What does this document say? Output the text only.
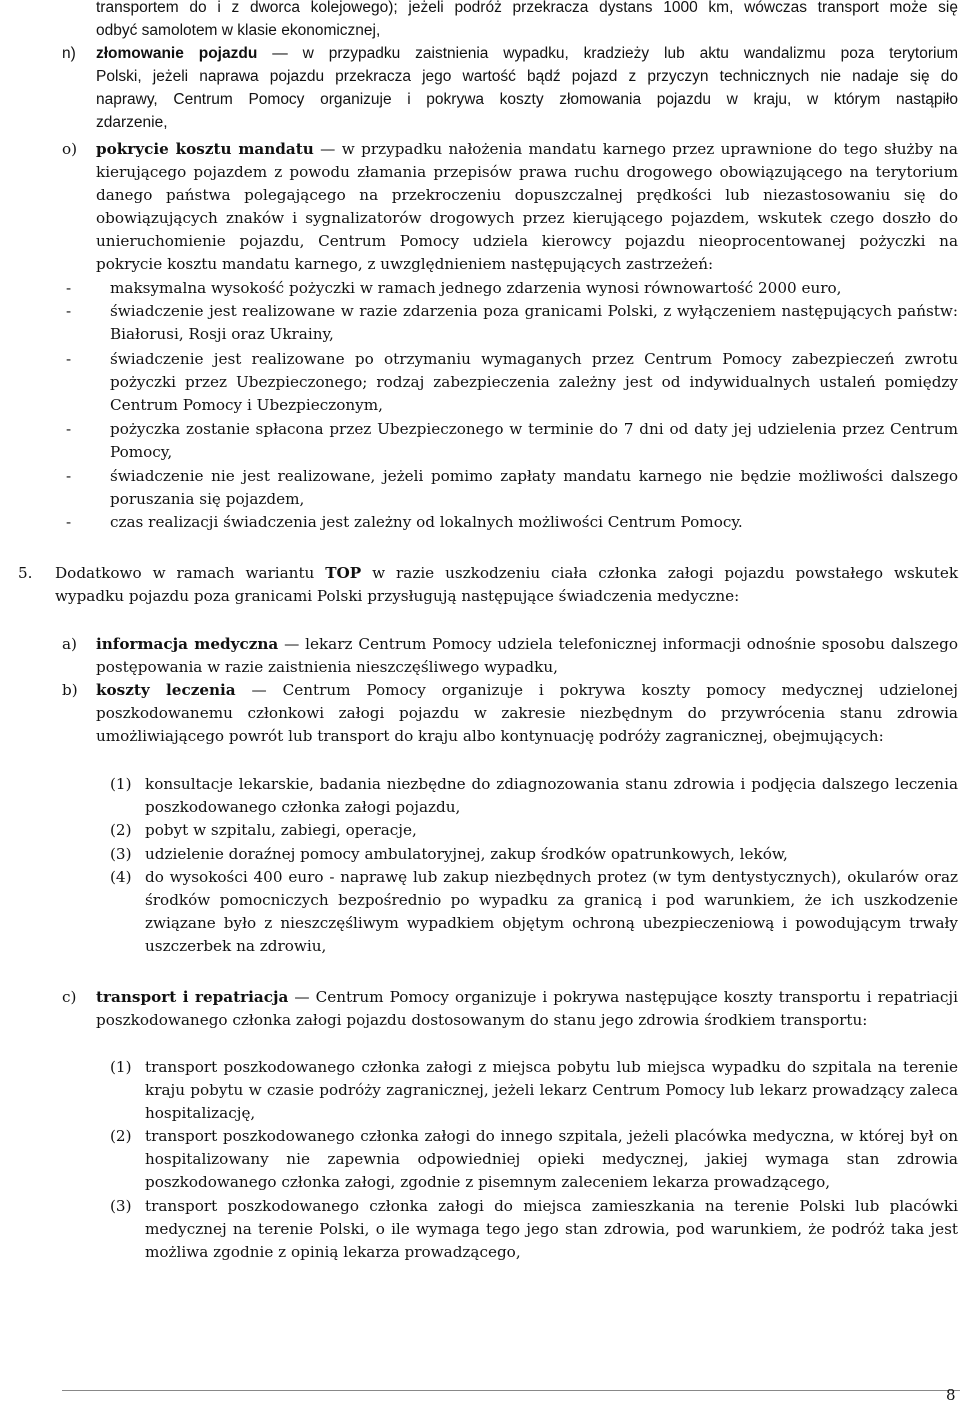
transportem do i z dworca kolejowego); jeżeli podróż przekracza dystans 1000 km, wówczas transport może się
odbyć samolotem w klasie ekonomicznej,
n) złomowanie pojazdu — w przypadku zaistnienia wypadku, kradzieży lub aktu wandalizmu poza terytorium
Polski, jeżeli naprawa pojazdu przekracza jego wartość bądź pojazd z przyczyn technicznych nie nadaje się do
naprawy, Centrum Pomocy organizuje i pokrywa koszty złomowania pojazdu w kraju, w którym nastąpiło
zdarzenie,
o) pokrycie kosztu mandatu — w przypadku nałożenia mandatu karnego przez uprawnione do tego służby na
kierującego pojazdem z powodu złamania przepisów prawa ruchu drogowego obowiązującego na terytorium
danego państwa polegającego na przekroczeniu dopuszczalnej prędkości lub niezastosowaniu się do
obowiązujących znaków i sygnalizatorów drogowych przez kierującego pojazdem, wskutek czego doszło do
unieruchomienie pojazdu, Centrum Pomocy udziela kierowcy pojazdu nieoprocentowanej pożyczki na
pokrycie kosztu mandatu karnego, z uwzględnieniem następujących zastrzeżeń:
-	maksymalna wysokość pożyczki w ramach jednego zdarzenia wynosi równowartość 2000 euro,
-	świadczenie jest realizowane w razie zdarzenia poza granicami Polski, z wyłączeniem następujących państw:
Białorusi, Rosji oraz Ukrainy,
-	świadczenie jest realizowane po otrzymaniu wymaganych przez Centrum Pomocy zabezpieczeń zwrotu
pożyczki przez Ubezpieczonego; rodzaj zabezpieczenia zależny jest od indywidualnych ustaleń pomiędzy
Centrum Pomocy i Ubezpieczonym,
-	pożyczka zostanie spłacona przez Ubezpieczonego w terminie do 7 dni od daty jej udzielenia przez Centrum
Pomocy,
-	świadczenie nie jest realizowane, jeżeli pomimo zapłaty mandatu karnego nie będzie możliwości dalszego
poruszania się pojazdem,
-	czas realizacji świadczenia jest zależny od lokalnych możliwości Centrum Pomocy.
5. Dodatkowo w ramach wariantu TOP w razie uszkodzeniu ciała członka załogi pojazdu powstałego wskutek
wypadku pojazdu poza granicami Polski przysługują następujące świadczenia medyczne:
a) informacja medyczna — lekarz Centrum Pomocy udziela telefonicznej informacji odnośnie sposobu dalszego
postępowania w razie zaistnienia nieszczęśliwego wypadku,
b) koszty leczenia — Centrum Pomocy organizuje i pokrywa koszty pomocy medycznej udzielonej
poszkodowanemu członkowi załogi pojazdu w zakresie niezbędnym do przywrócenia stanu zdrowia
umożliwiającego powrót lub transport do kraju albo kontynuację podróży zagranicznej, obejmujących:
(1) konsultacje lekarskie, badania niezbędne do zdiagnozowania stanu zdrowia i podjęcia dalszego leczenia
poszkodowanego członka załogi pojazdu,
(2) pobyt w szpitalu, zabiegi, operacje,
(3) udzielenie doraźnej pomocy ambulatoryjnej, zakup środków opatrunkowych, leków,
(4) do wysokości 400 euro - naprawę lub zakup niezbędnych protez (w tym dentystycznych), okularów oraz
środków pomocniczych bezpośrednio po wypadku za granicą i pod warunkiem, że ich uszkodzenie
związane było z nieszczęśliwym wypadkiem objętym ochroną ubezpieczeniową i powodującym trwały
uszczerbek na zdrowiu,
c) transport i repatriacja — Centrum Pomocy organizuje i pokrywa następujące koszty transportu i repatriacji
poszkodowanego członka załogi pojazdu dostosowanym do stanu jego zdrowia środkiem transportu:
(1) transport poszkodowanego członka załogi z miejsca pobytu lub miejsca wypadku do szpitala na terenie
kraju pobytu w czasie podróży zagranicznej, jeżeli lekarz Centrum Pomocy lub lekarz prowadzący zaleca
hospitalizację,
(2) transport poszkodowanego członka załogi do innego szpitala, jeżeli placówka medyczna, w której był on
hospitalizowany nie zapewnia odpowiedniej opieki medycznej, jakiej wymaga stan zdrowia
poszkodowanego członka załogi, zgodnie z pisemnym zaleceniem lekarza prowadzącego,
(3) transport poszkodowanego członka załogi do miejsca zamieszkania na terenie Polski lub placówki
medycznej na terenie Polski, o ile wymaga tego jego stan zdrowia, pod warunkiem, że podróż taka jest
możliwa zgodnie z opinią lekarza prowadzącego,
8
